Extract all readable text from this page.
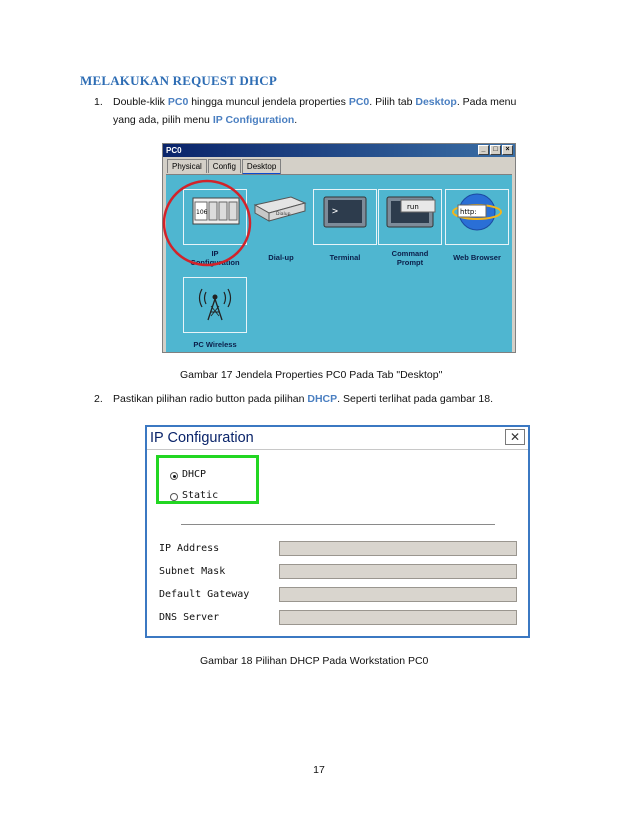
MELAKUKAN REQUEST DHCP
1. Double-klik PC0 hingga muncul jendela properties PC0. Pilih tab Desktop. Pada menu
yang ada, pilih menu IP Configuration.
PC0	_	□	×
Physical	Config	Desktop
106
IP
Configuration
Dialup
Dial-up
>
Terminal
run
Command
Prompt
http:
Web Browser
PC Wireless
Gambar 17 Jendela Properties PC0 Pada Tab "Desktop"
2. Pastikan pilihan radio button pada pilihan DHCP. Seperti terlihat pada gambar 18.
IP Configuration	✕
DHCP
Static
IP Address
Subnet Mask
Default Gateway
DNS Server
Gambar 18 Pilihan DHCP Pada Workstation PC0
17
